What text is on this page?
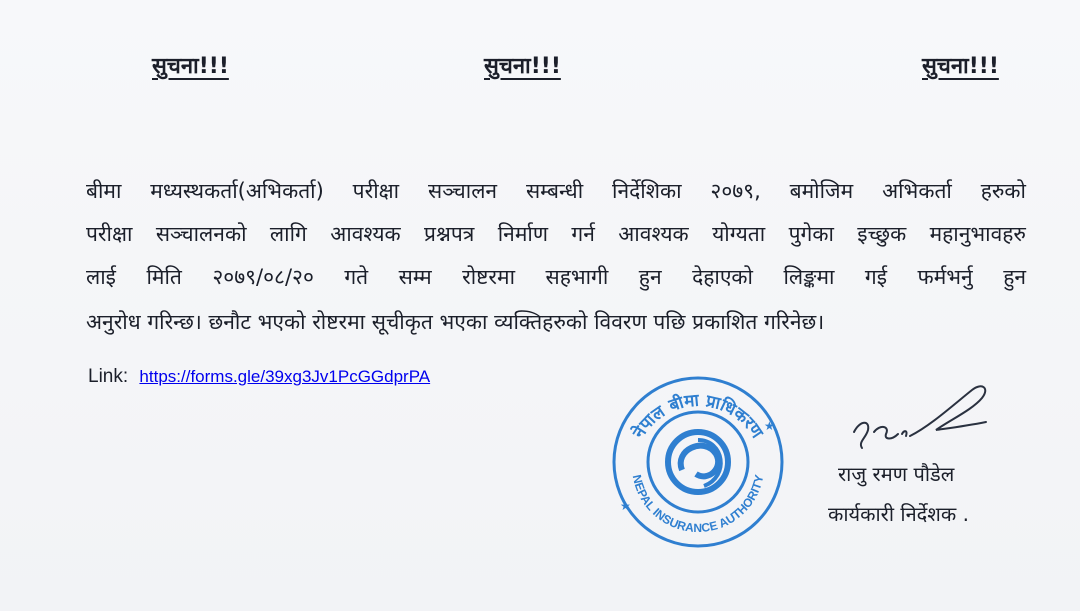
सुचना!!!	सुचना!!!	सुचना!!!
बीमा मध्यस्थकर्ता(अभिकर्ता) परीक्षा सञ्चालन सम्बन्धी निर्देशिका २०७९, बमोजिम अभिकर्ता हरुको
परीक्षा सञ्चालनको लागि आवश्यक प्रश्नपत्र निर्माण गर्न आवश्यक योग्यता पुगेका इच्छुक महानुभावहरु
लाई मिति २०७९/०८/२० गते सम्म रोष्टरमा सहभागी हुन देहाएको लिङ्कमा गई फर्मभर्नु हुन
अनुरोध गरिन्छ। छनौट भएको रोष्टरमा सूचीकृत भएका व्यक्तिहरुको विवरण पछि प्रकाशित गरिनेछ।
Link: https://forms.gle/39xg3Jv1PcGGdprPA
नेपाल बीमा प्राधिकरण
NEPAL INSURANCE AUTHORITY
★
★
राजु रमण पौडेल
कार्यकारी निर्देशक .
